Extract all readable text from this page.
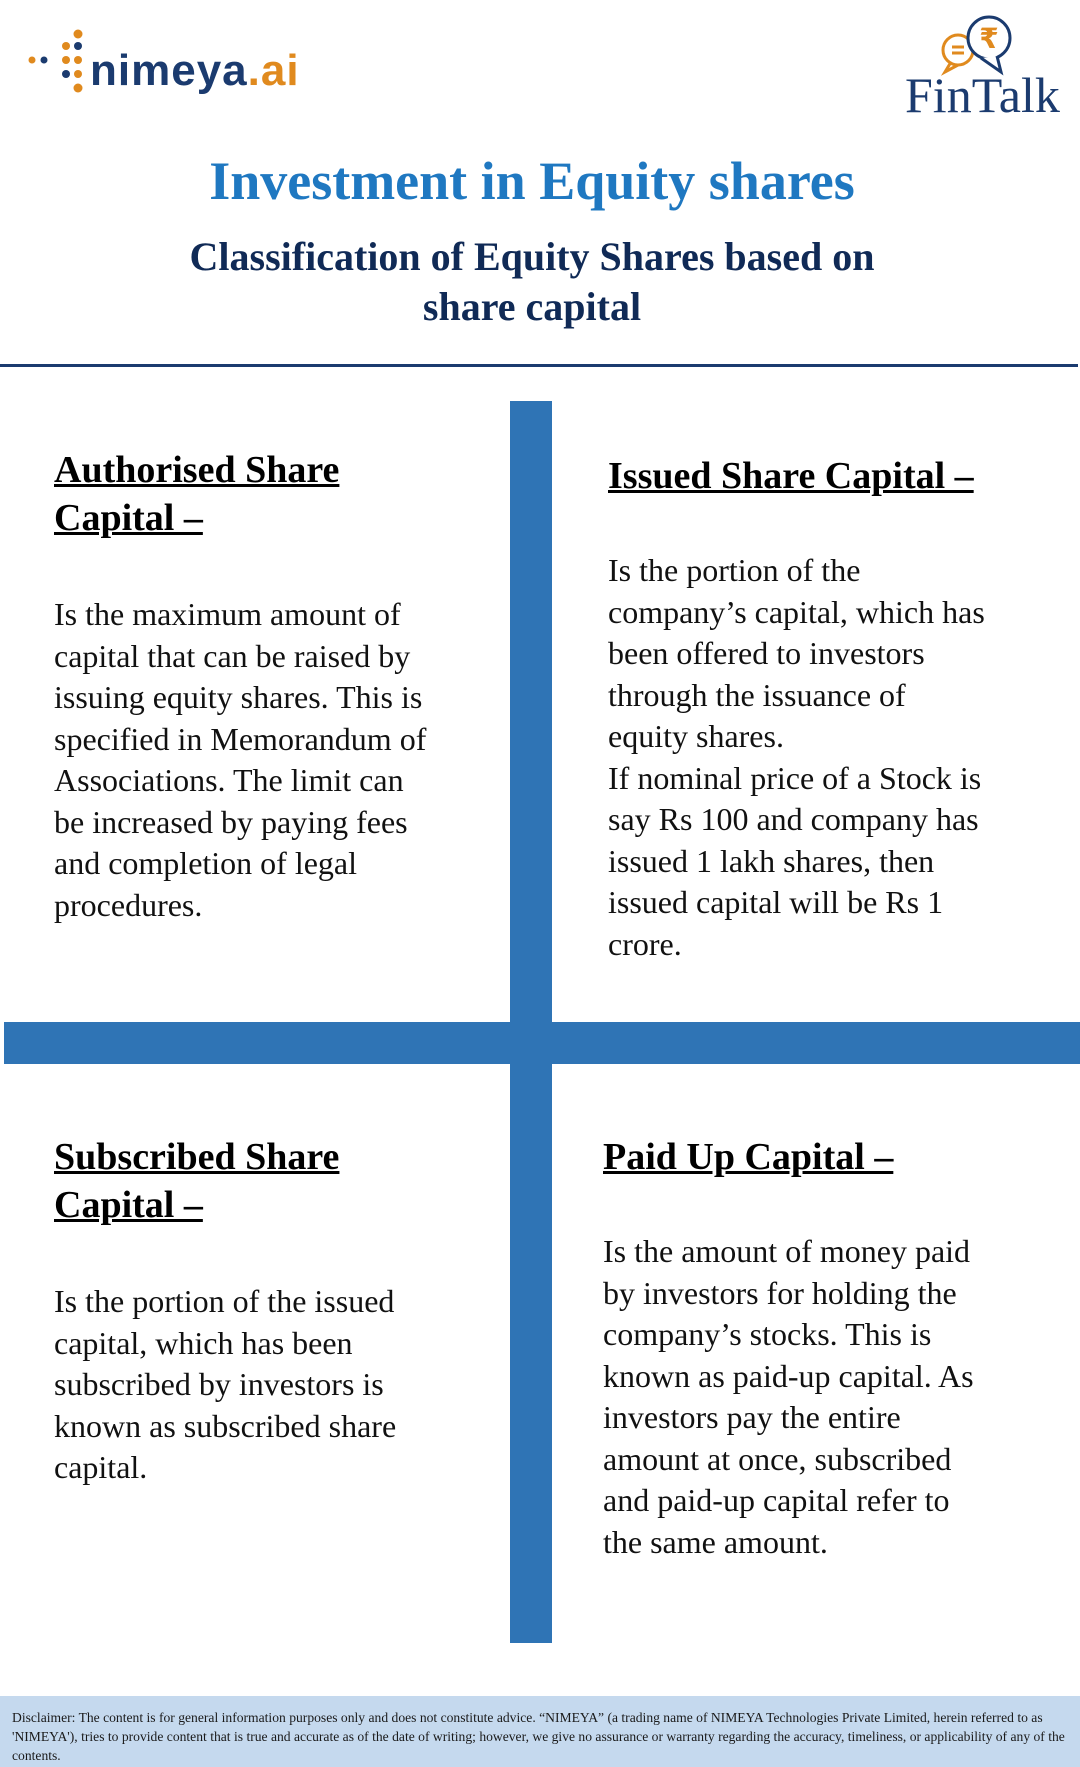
nimeya.ai
₹
FinTalk
Investment in Equity shares
Classification of Equity Shares based on
share capital
Authorised Share
Capital –

Is the maximum amount of
capital that can be raised by
issuing equity shares. This is
specified in Memorandum of
Associations. The limit can
be increased by paying fees
and completion of legal
procedures.

Issued Share Capital –

Is the portion of the
company’s capital, which has
been offered to investors
through the issuance of
equity shares.
If nominal price of a Stock is
say Rs 100 and company has
issued 1 lakh shares, then
issued capital will be Rs 1
crore.

Subscribed Share
Capital –

Is the portion of the issued
capital, which has been
subscribed by investors is
known as subscribed share
capital.

Paid Up Capital –

Is the amount of money paid
by investors for holding the
company’s stocks. This is
known as paid-up capital. As
investors pay the entire
amount at once, subscribed
and paid-up capital refer to
the same amount.

Disclaimer: The content is for general information purposes only and does not constitute advice. “NIMEYA” (a trading name of NIMEYA Technologies Private Limited, herein referred to as 'NIMEYA'), tries to provide content that is true and accurate as of the date of writing; however, we give no assurance or warranty regarding the accuracy, timeliness, or applicability of any of the contents.
